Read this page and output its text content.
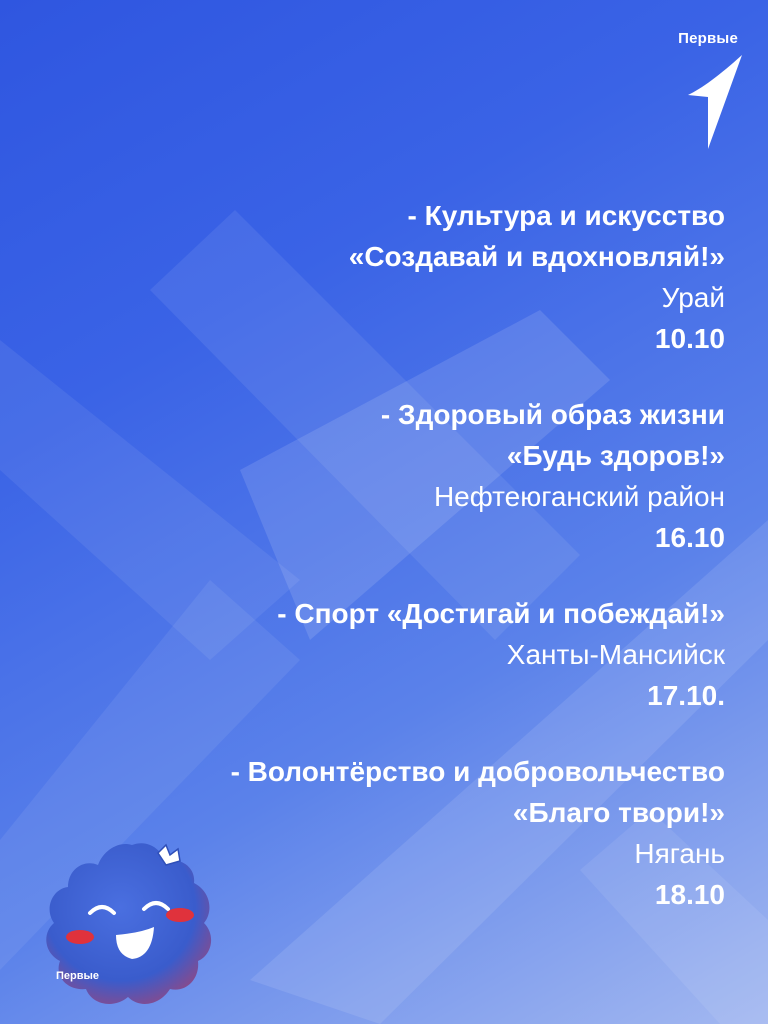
Первые
- Культура и искусство
«Создавай и вдохновляй!»
Урай
10.10
- Здоровый образ жизни
«Будь здоров!»
Нефтеюганский район
16.10
- Спорт «Достигай и побеждай!»
Ханты-Мансийск
17.10.
- Волонтёрство и добровольчество
«Благо твори!»
Нягань
18.10
Первые
